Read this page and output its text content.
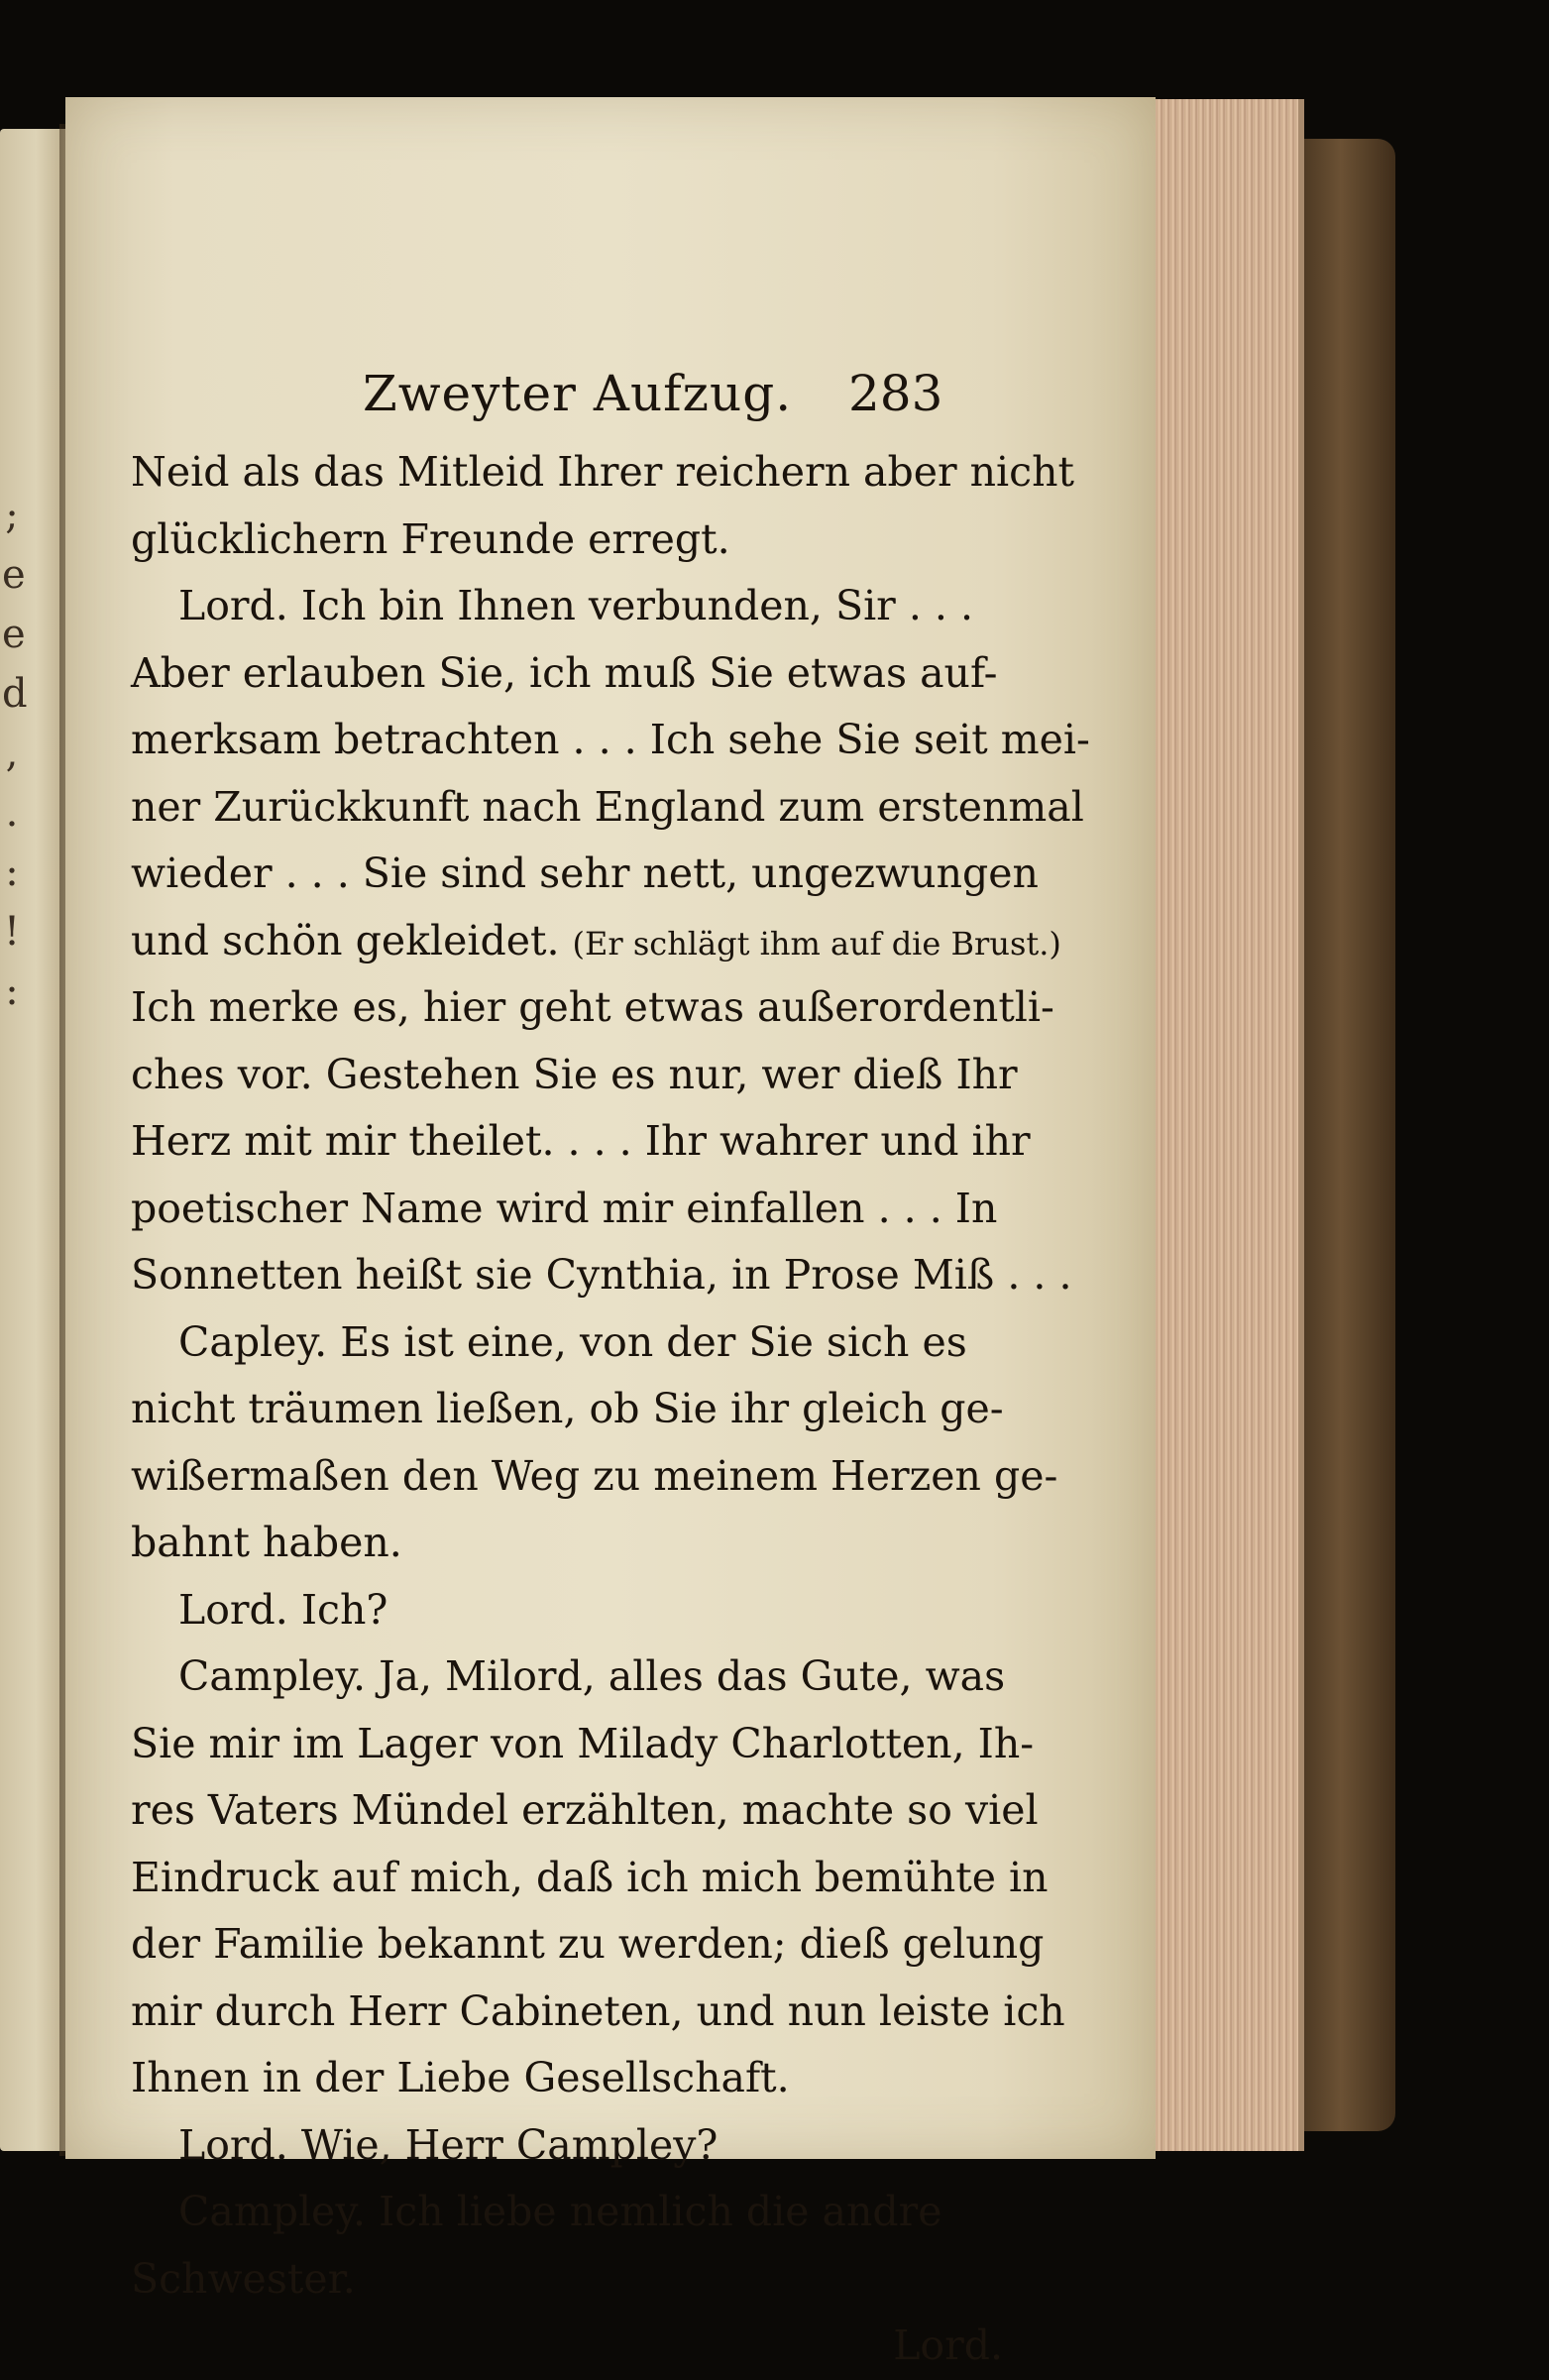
;
e
e
d
,
.
:
!
:
Zweyter Aufzug. 283
Neid als das Mitleid Ihrer reichern aber nicht
glücklichern Freunde erregt.
Lord. Ich bin Ihnen verbunden, Sir . . .
Aber erlauben Sie, ich muß Sie etwas auf-
merksam betrachten . . . Ich sehe Sie seit mei-
ner Zurückkunft nach England zum erstenmal
wieder . . . Sie sind sehr nett, ungezwungen
und schön gekleidet. (Er schlägt ihm auf die Brust.)
Ich merke es, hier geht etwas außerordentli-
ches vor. Gestehen Sie es nur, wer dieß Ihr
Herz mit mir theilet. . . . Ihr wahrer und ihr
poetischer Name wird mir einfallen . . . In
Sonnetten heißt sie Cynthia, in Prose Miß . . .
Capley. Es ist eine, von der Sie sich es
nicht träumen ließen, ob Sie ihr gleich ge-
wißermaßen den Weg zu meinem Herzen ge-
bahnt haben.
Lord. Ich?
Campley. Ja, Milord, alles das Gute, was
Sie mir im Lager von Milady Charlotten, Ih-
res Vaters Mündel erzählten, machte so viel
Eindruck auf mich, daß ich mich bemühte in
der Familie bekannt zu werden; dieß gelung
mir durch Herr Cabineten, und nun leiste ich
Ihnen in der Liebe Gesellschaft.
Lord. Wie, Herr Campley?
Campley. Ich liebe nemlich die andre
Schwester.
Lord.
